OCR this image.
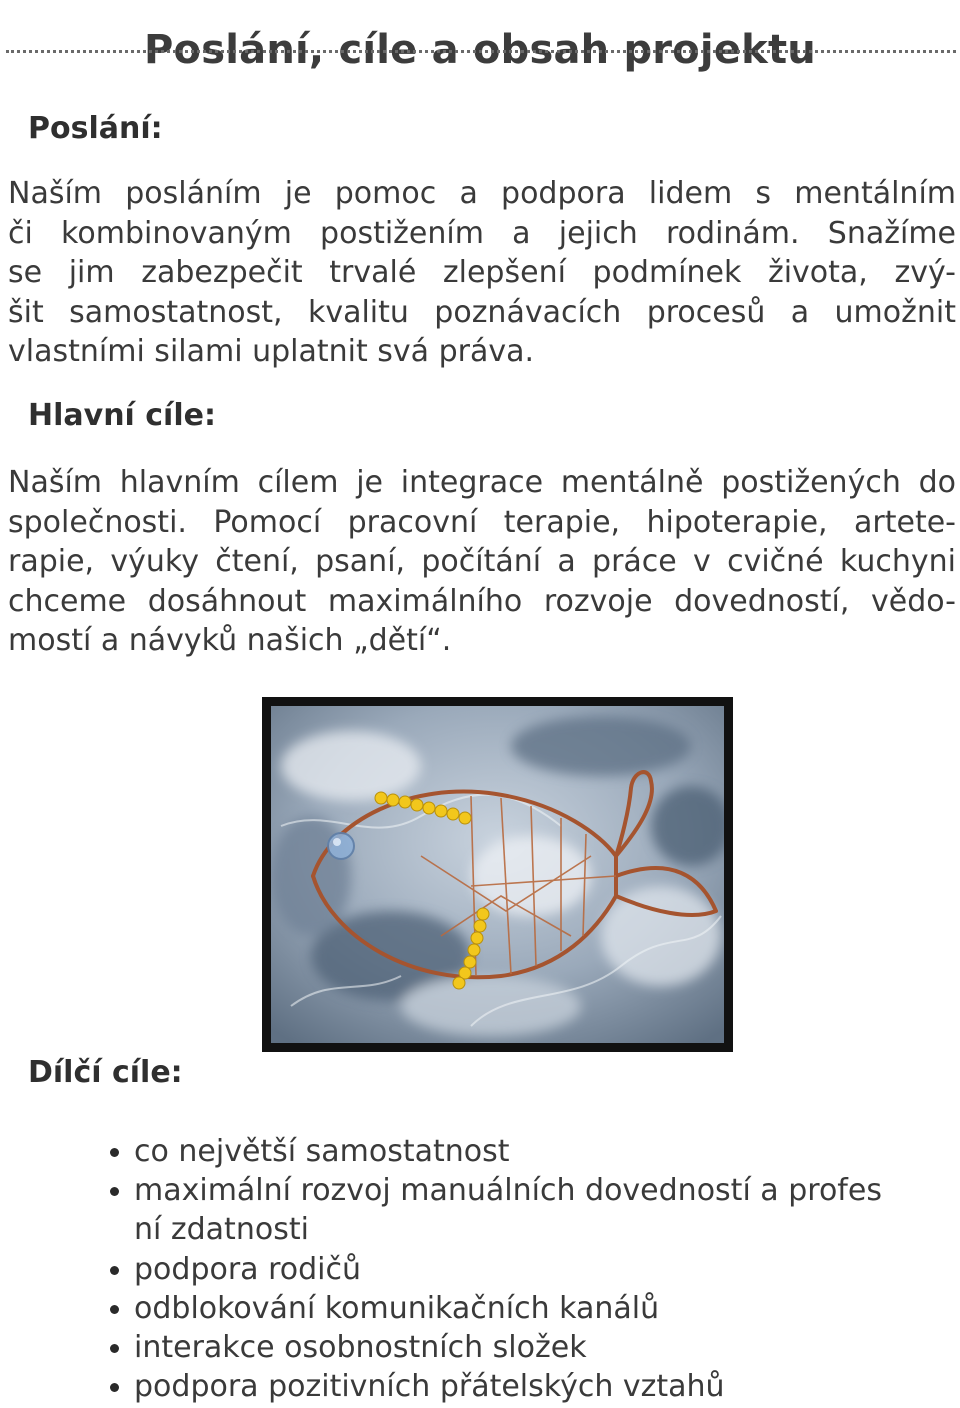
Poslání, cíle a obsah projektu
Poslání:

Naším posláním je pomoc a podpora lidem s mentálním
či kombinovaným postižením a jejich rodinám. Snažíme
se jim zabezpečit trvalé zlepšení podmínek života, zvý-
šit samostatnost, kvalitu poznávacích procesů a umožnit
vlastními silami uplatnit svá práva.

Hlavní cíle:

Naším hlavním cílem je integrace mentálně postižených do
společnosti. Pomocí pracovní terapie, hipoterapie, artete-
rapie, výuky čtení, psaní, počítání a práce v cvičné kuchyni
chceme dosáhnout maximálního rozvoje dovedností, vědo-
mostí a návyků našich „dětí“.

Dílčí cíle:
co největší samostatnost
maximální rozvoj manuálních dovedností a profes
ní zdatnosti
podpora rodičů
odblokování komunikačních kanálů
interakce osobnostních složek
podpora pozitivních přátelských vztahů
